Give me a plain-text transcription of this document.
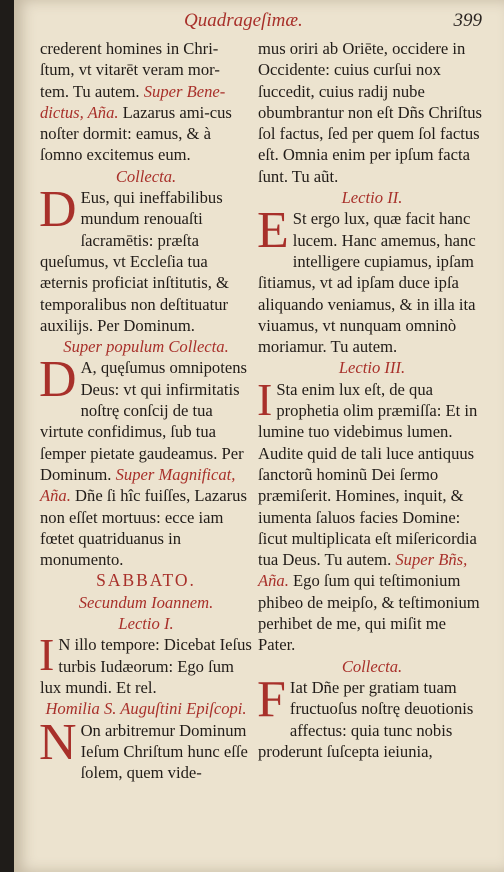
Quadrageſimæ.	399

crederent homines in Chri-
ſtum, vt vitarēt veram mor-
tem. Tu autem. Super Bene-dictus, Aña. Lazarus ami-cus noſter dormit: eamus, & à ſomno excitemus eum.

Collecta.

D Eus, qui ineffabilibus mundum renouaſti ſacramētis: præſta queſumus, vt Eccleſia tua æternis proficiat inſtitutis, & temporalibus non deſtituatur auxilijs. Per Dominum.

Super populum Collecta.

D A, quęſumus omnipotens Deus: vt qui infirmitatis noſtrę conſcij de tua virtute confidimus, ſub tua ſemper pietate gaudeamus. Per Dominum. Super Magnificat, Aña. Dñe ſi hîc fuiſſes, Lazarus non eſſet mortuus: ecce iam fœtet quatriduanus in monumento.

SABBATO.
Secundum Ioannem.
Lectio I.

I N illo tempore: Dicebat Ieſus turbis Iudæorum: Ego ſum lux mundi. Et rel.

Homilia S. Auguſtini Epiſcopi.

N On arbitremur Dominum Ieſum Chriſtum hunc eſſe ſolem, quem vide-

mus oriri ab Oriēte, occidere in Occidente: cuius curſui nox ſuccedit, cuius radij nube obumbrantur non eſt Dñs Chriſtus ſol factus, ſed per quem ſol factus eſt. Omnia enim per ipſum facta ſunt. Tu aũt.

Lectio II.

E St ergo lux, quæ facit hanc lucem. Hanc amemus, hanc intelligere cupiamus, ipſam ſitiamus, vt ad ipſam duce ipſa aliquando veniamus, & in illa ita viuamus, vt nunquam omninò moriamur. Tu autem.

Lectio III.

I Sta enim lux eſt, de qua prophetia olim præmiſſa: Et in lumine tuo videbimus lumen. Audite quid de tali luce antiquus ſanctorũ hominũ Dei ſermo præmiſerit. Homines, inquit, & iumenta ſaluos facies Domine: ſicut multiplicata eſt miſericordia tua Deus. Tu autem. Super Bñs, Aña. Ego ſum qui teſtimonium phibeo de meipſo, & teſtimonium perhibet de me, qui miſit me Pater.

Collecta.

F Iat Dñe per gratiam tuam fructuoſus noſtrę deuotionis affectus: quia tunc nobis proderunt ſuſcepta ieiunia,
